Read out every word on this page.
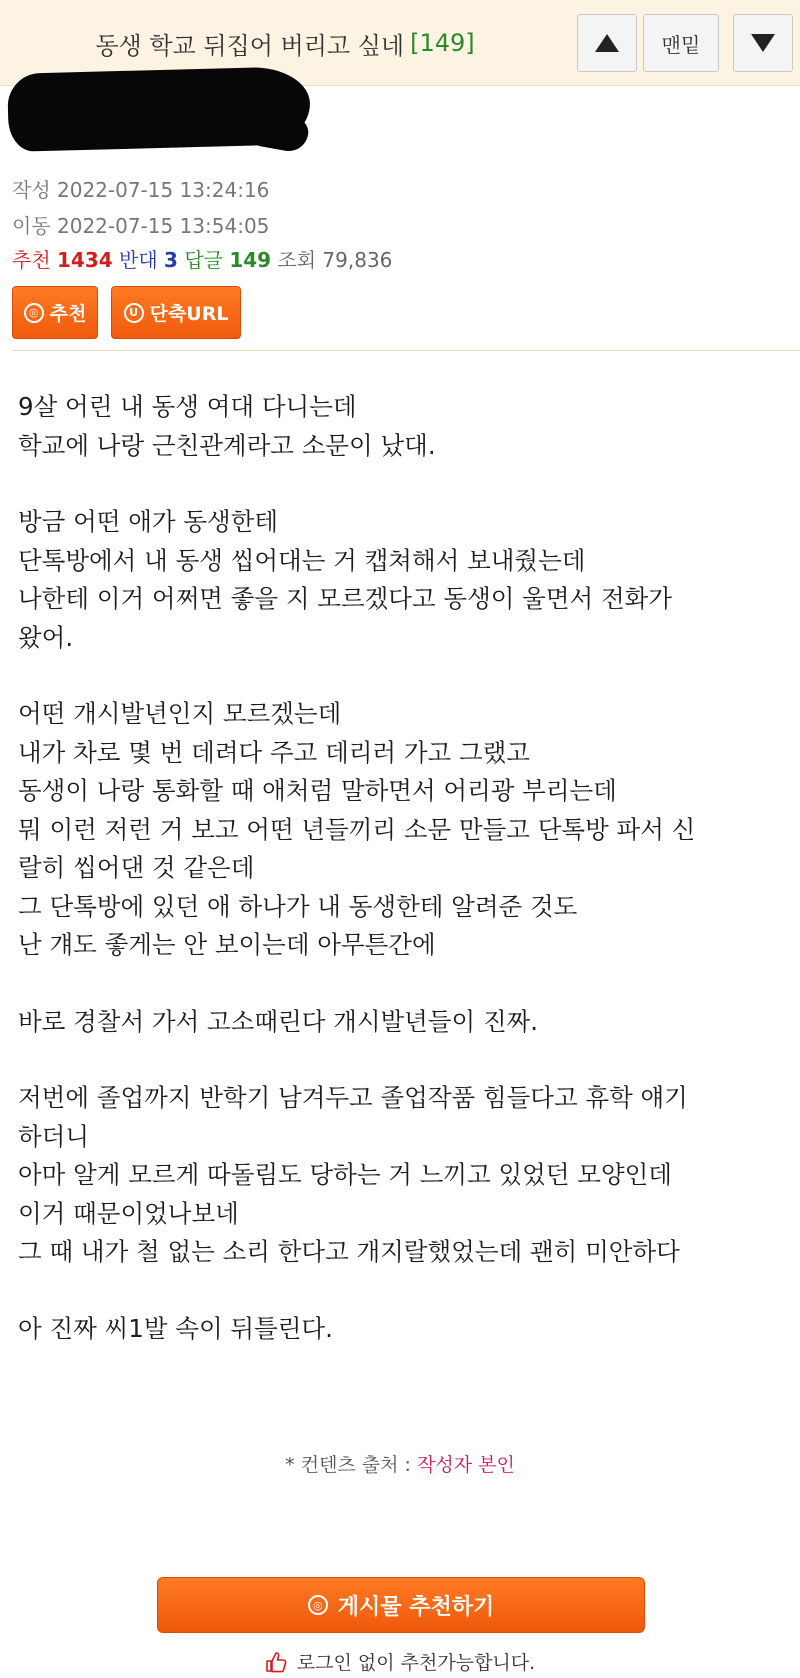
동생 학교 뒤집어 버리고 싶네 [149]	맨밑
작성 2022-07-15 13:24:16
이동 2022-07-15 13:54:05
추천 1434 반대 3 답글 149 조회 79,836
◎ 추천	U 단축URL

9살 어린 내 동생 여대 다니는데
학교에 나랑 근친관계라고 소문이 났대.

방금 어떤 애가 동생한테
단톡방에서 내 동생 씹어대는 거 캡쳐해서 보내줬는데
나한테 이거 어쩌면 좋을 지 모르겠다고 동생이 울면서 전화가
왔어.

어떤 개시발년인지 모르겠는데
내가 차로 몇 번 데려다 주고 데리러 가고 그랬고
동생이 나랑 통화할 때 애처럼 말하면서 어리광 부리는데
뭐 이런 저런 거 보고 어떤 년들끼리 소문 만들고 단톡방 파서 신
랄히 씹어댄 것 같은데
그 단톡방에 있던 애 하나가 내 동생한테 알려준 것도
난 걔도 좋게는 안 보이는데 아무튼간에

바로 경찰서 가서 고소때린다 개시발년들이 진짜.

저번에 졸업까지 반학기 남겨두고 졸업작품 힘들다고 휴학 얘기
하더니
아마 알게 모르게 따돌림도 당하는 거 느끼고 있었던 모양인데
이거 때문이었나보네
그 때 내가 철 없는 소리 한다고 개지랄했었는데 괜히 미안하다

아 진짜 씨1발 속이 뒤틀린다.

* 컨텐츠 출처 : 작성자 본인
◎ 게시물 추천하기
로그인 없이 추천가능합니다.
